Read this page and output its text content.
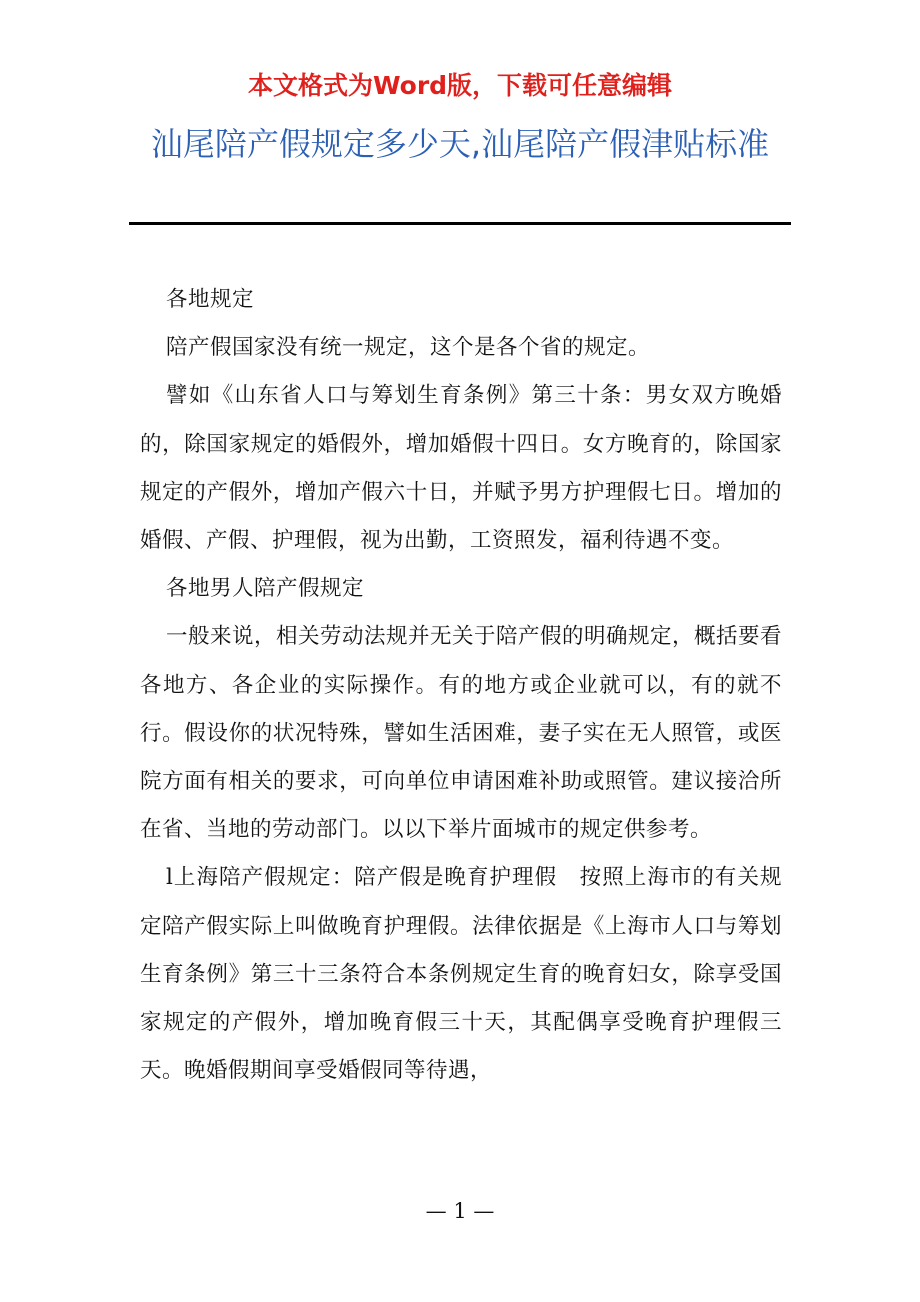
本文格式为Word版，下载可任意编辑
汕尾陪产假规定多少天,汕尾陪产假津贴标准

各地规定

陪产假国家没有统一规定，这个是各个省的规定。

譬如《山东省人口与筹划生育条例》第三十条：男女双方晚婚的，除国家规定的婚假外，增加婚假十四日。女方晚育的，除国家规定的产假外，增加产假六十日，并赋予男方护理假七日。增加的婚假、产假、护理假，视为出勤，工资照发，福利待遇不变。

各地男人陪产假规定

一般来说，相关劳动法规并无关于陪产假的明确规定，概括要看各地方、各企业的实际操作。有的地方或企业就可以，有的就不行。假设你的状况特殊，譬如生活困难，妻子实在无人照管，或医院方面有相关的要求，可向单位申请困难补助或照管。建议接洽所在省、当地的劳动部门。以以下举片面城市的规定供参考。

l上海陪产假规定：陪产假是晚育护理假　按照上海市的有关规定陪产假实际上叫做晚育护理假。法律依据是《上海市人口与筹划生育条例》第三十三条符合本条例规定生育的晚育妇女，除享受国家规定的产假外，增加晚育假三十天，其配偶享受晚育护理假三天。晚婚假期间享受婚假同等待遇，

— 1 —
